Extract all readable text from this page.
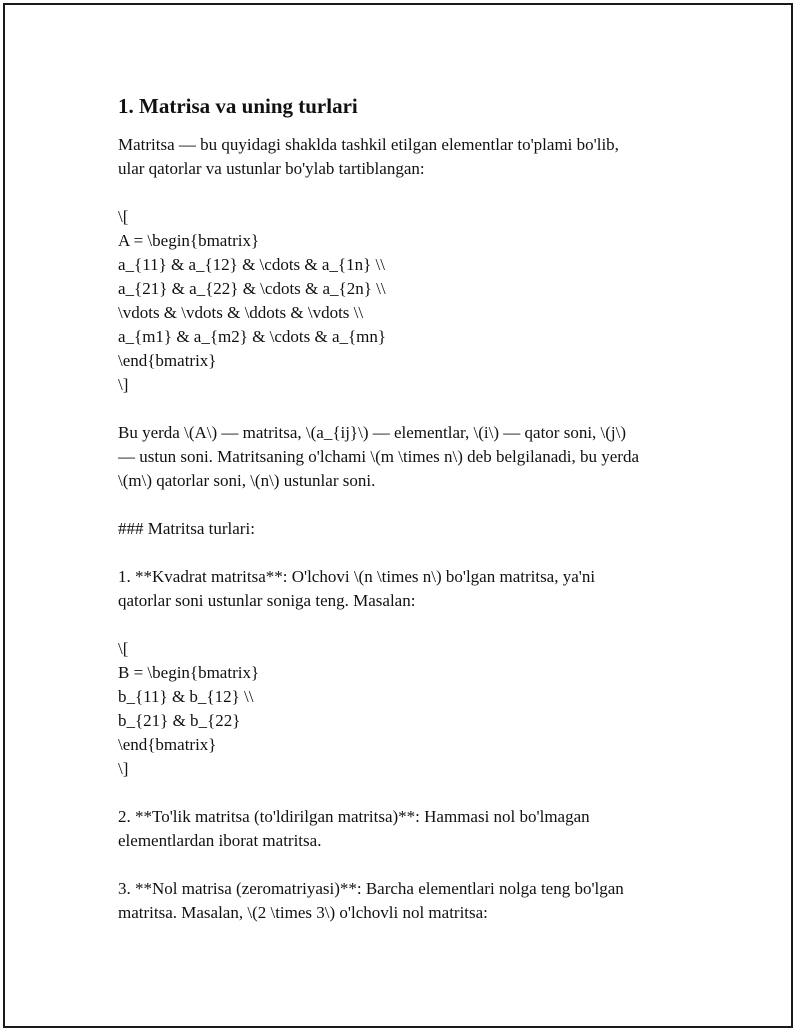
1. Matrisa va uning turlari

Matritsa — bu quyidagi shakldа tashkil etilgan elementlar to'plami bo'lib,
ular qatorlar va ustunlar bo'ylab tartiblangan:

\[
A = \begin{bmatrix}
a_{11} & a_{12} & \cdots & a_{1n} \\
a_{21} & a_{22} & \cdots & a_{2n} \\
\vdots & \vdots & \ddots & \vdots \\
a_{m1} & a_{m2} & \cdots & a_{mn}
\end{bmatrix}
\]

Bu yerda \(A\) — matritsa, \(a_{ij}\) — elementlar, \(i\) — qator soni, \(j\)
— ustun soni. Matritsaning o'lchami \(m \times n\) deb belgilanadi, bu yerda
\(m\) qatorlar soni, \(n\) ustunlar soni.

### Matritsa turlari:

1. **Kvadrat matritsa**: O'lchovi \(n \times n\) bo'lgan matritsa, ya'ni
qatorlar soni ustunlar soniga teng. Masalan:

\[
B = \begin{bmatrix}
b_{11} & b_{12} \\
b_{21} & b_{22}
\end{bmatrix}
\]

2. **To'lik matritsa (to'ldirilgan matritsa)**: Hammasi nol bo'lmagan
elementlardan iborat matritsa.

3. **Nol matrisa (zeromatriyasi)**: Barcha elementlari nolga teng bo'lgan
matritsa. Masalan, \(2 \times 3\) o'lchovli nol matritsa:
